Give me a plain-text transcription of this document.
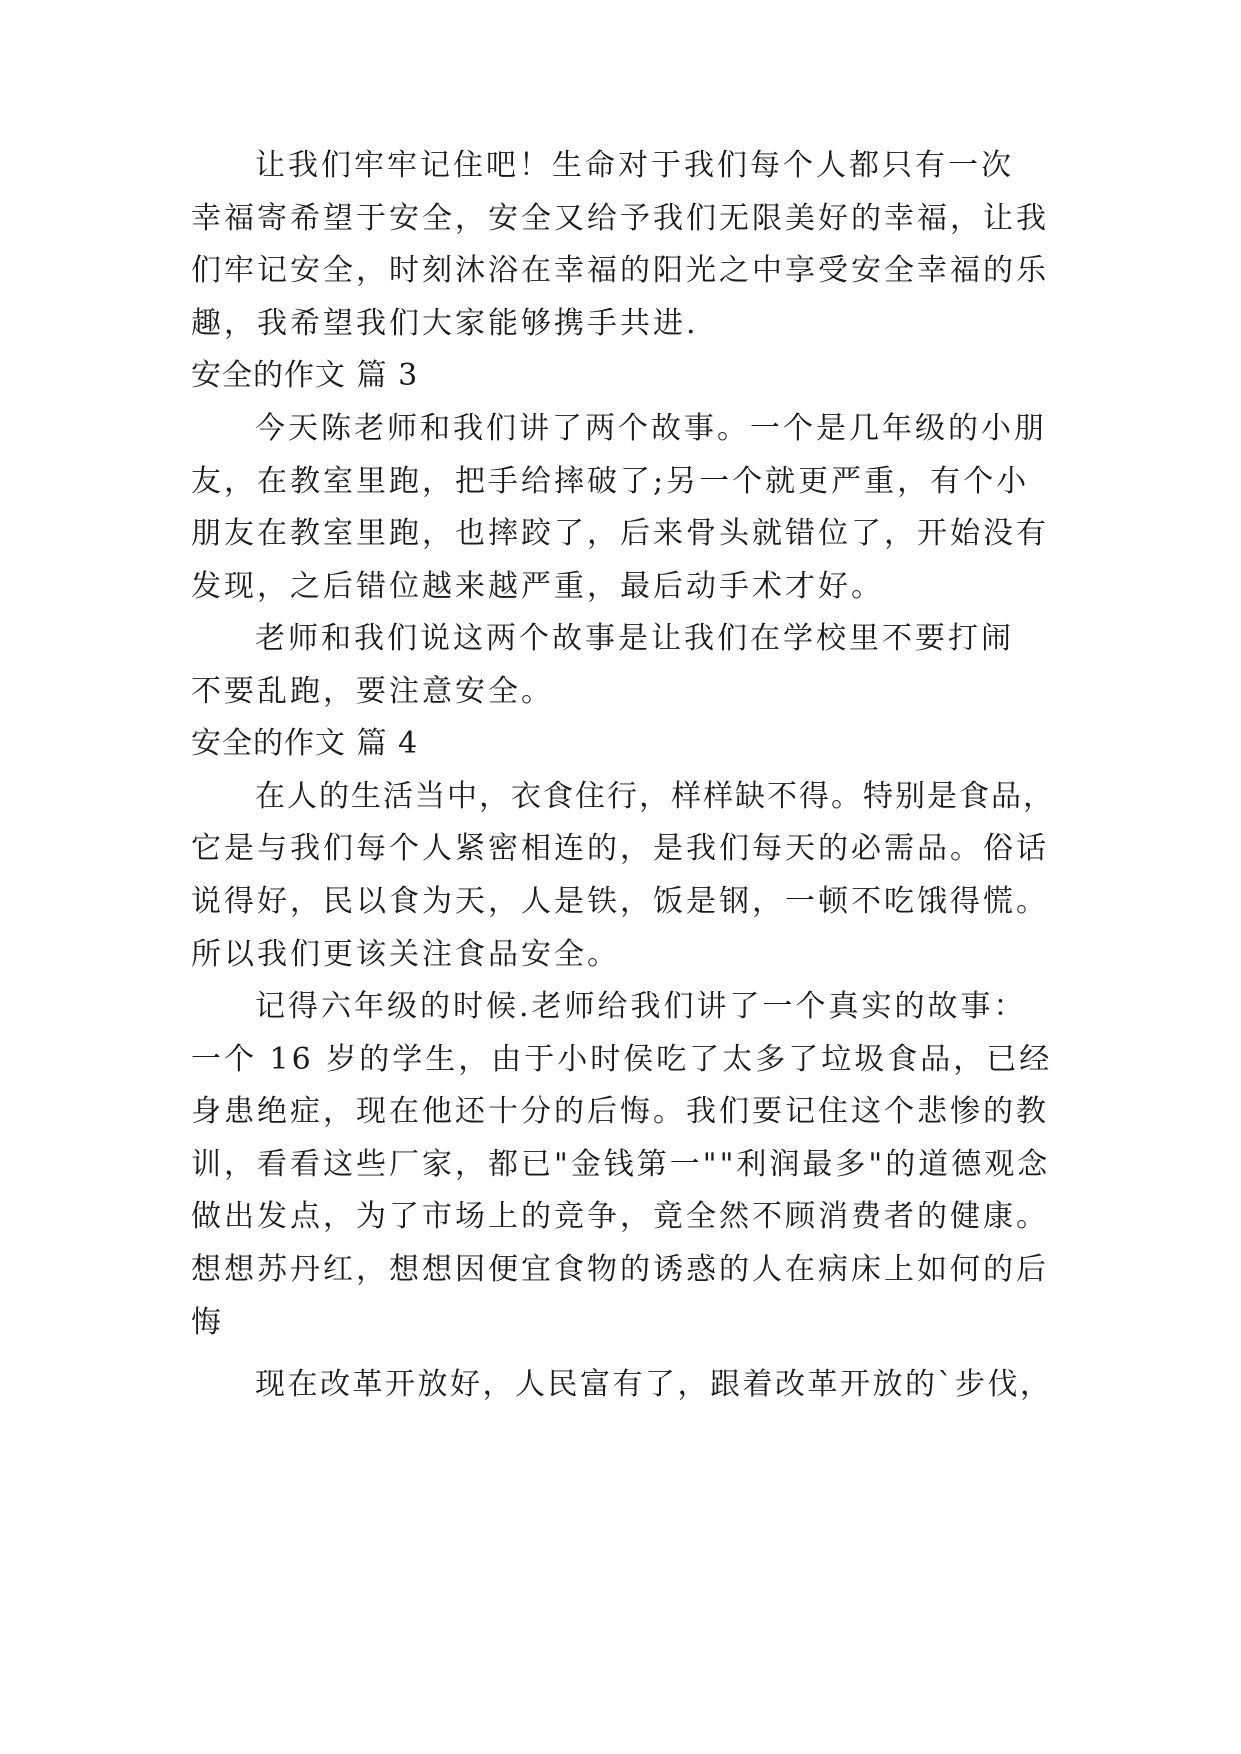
让我们牢牢记住吧！生命对于我们每个人都只有一次
幸福寄希望于安全，安全又给予我们无限美好的幸福，让我
们牢记安全，时刻沐浴在幸福的阳光之中享受安全幸福的乐
趣，我希望我们大家能够携手共进.
安全的作文 篇 3
今天陈老师和我们讲了两个故事。一个是几年级的小朋
友，在教室里跑，把手给摔破了;另一个就更严重，有个小
朋友在教室里跑，也摔跤了，后来骨头就错位了，开始没有
发现，之后错位越来越严重，最后动手术才好。
老师和我们说这两个故事是让我们在学校里不要打闹
不要乱跑，要注意安全。
安全的作文 篇 4
在人的生活当中，衣食住行，样样缺不得。特别是食品，
它是与我们每个人紧密相连的，是我们每天的必需品。俗话
说得好，民以食为天，人是铁，饭是钢，一顿不吃饿得慌。
所以我们更该关注食品安全。
记得六年级的时候.老师给我们讲了一个真实的故事：
一个 16 岁的学生，由于小时侯吃了太多了垃圾食品，已经
身患绝症，现在他还十分的后悔。我们要记住这个悲惨的教
训，看看这些厂家，都已"金钱第一""利润最多"的道德观念
做出发点，为了市场上的竞争，竟全然不顾消费者的健康。
想想苏丹红，想想因便宜食物的诱惑的人在病床上如何的后
悔
现在改革开放好，人民富有了，跟着改革开放的`步伐，
